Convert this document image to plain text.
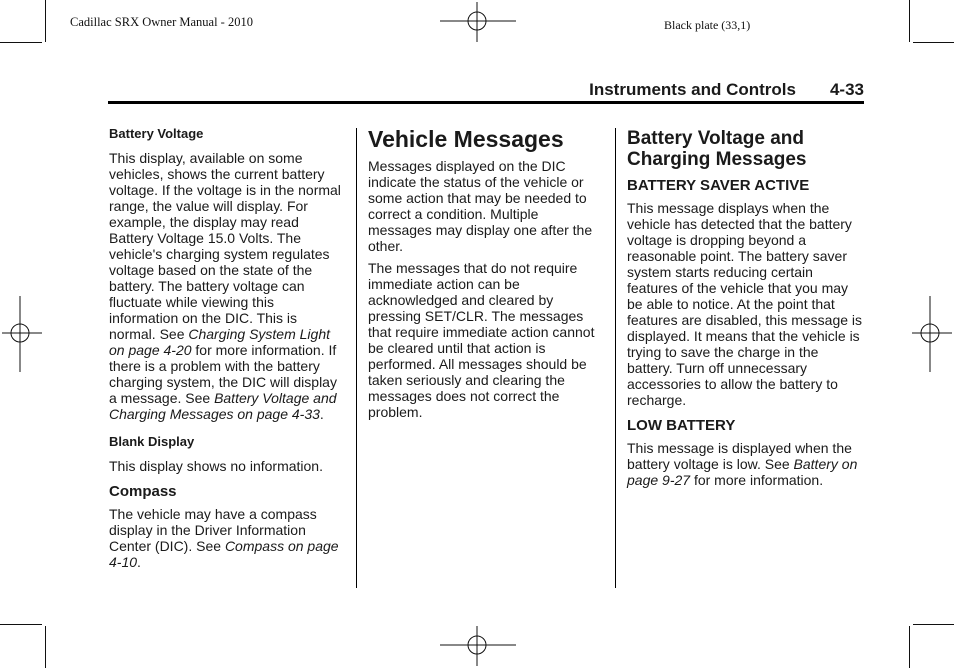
Cadillac SRX Owner Manual - 2010	Black plate (33,1)
Instruments and Controls 4-33
Battery Voltage

This display, available on some vehicles, shows the current battery voltage. If the voltage is in the normal range, the value will display. For example, the display may read Battery Voltage 15.0 Volts. The vehicle's charging system regulates voltage based on the state of the battery. The battery voltage can fluctuate while viewing this information on the DIC. This is normal. See Charging System Light on page 4-20 for more information. If there is a problem with the battery charging system, the DIC will display a message. See Battery Voltage and Charging Messages on page 4-33.

Blank Display

This display shows no information.

Compass

The vehicle may have a compass display in the Driver Information Center (DIC). See Compass on page 4-10.

Vehicle Messages

Messages displayed on the DIC indicate the status of the vehicle or some action that may be needed to correct a condition. Multiple messages may display one after the other.

The messages that do not require immediate action can be acknowledged and cleared by pressing SET/CLR. The messages that require immediate action cannot be cleared until that action is performed. All messages should be taken seriously and clearing the messages does not correct the problem.

Battery Voltage and Charging Messages
BATTERY SAVER ACTIVE

This message displays when the vehicle has detected that the battery voltage is dropping beyond a reasonable point. The battery saver system starts reducing certain features of the vehicle that you may be able to notice. At the point that features are disabled, this message is displayed. It means that the vehicle is trying to save the charge in the battery. Turn off unnecessary accessories to allow the battery to recharge.

LOW BATTERY

This message is displayed when the battery voltage is low. See Battery on page 9-27 for more information.
